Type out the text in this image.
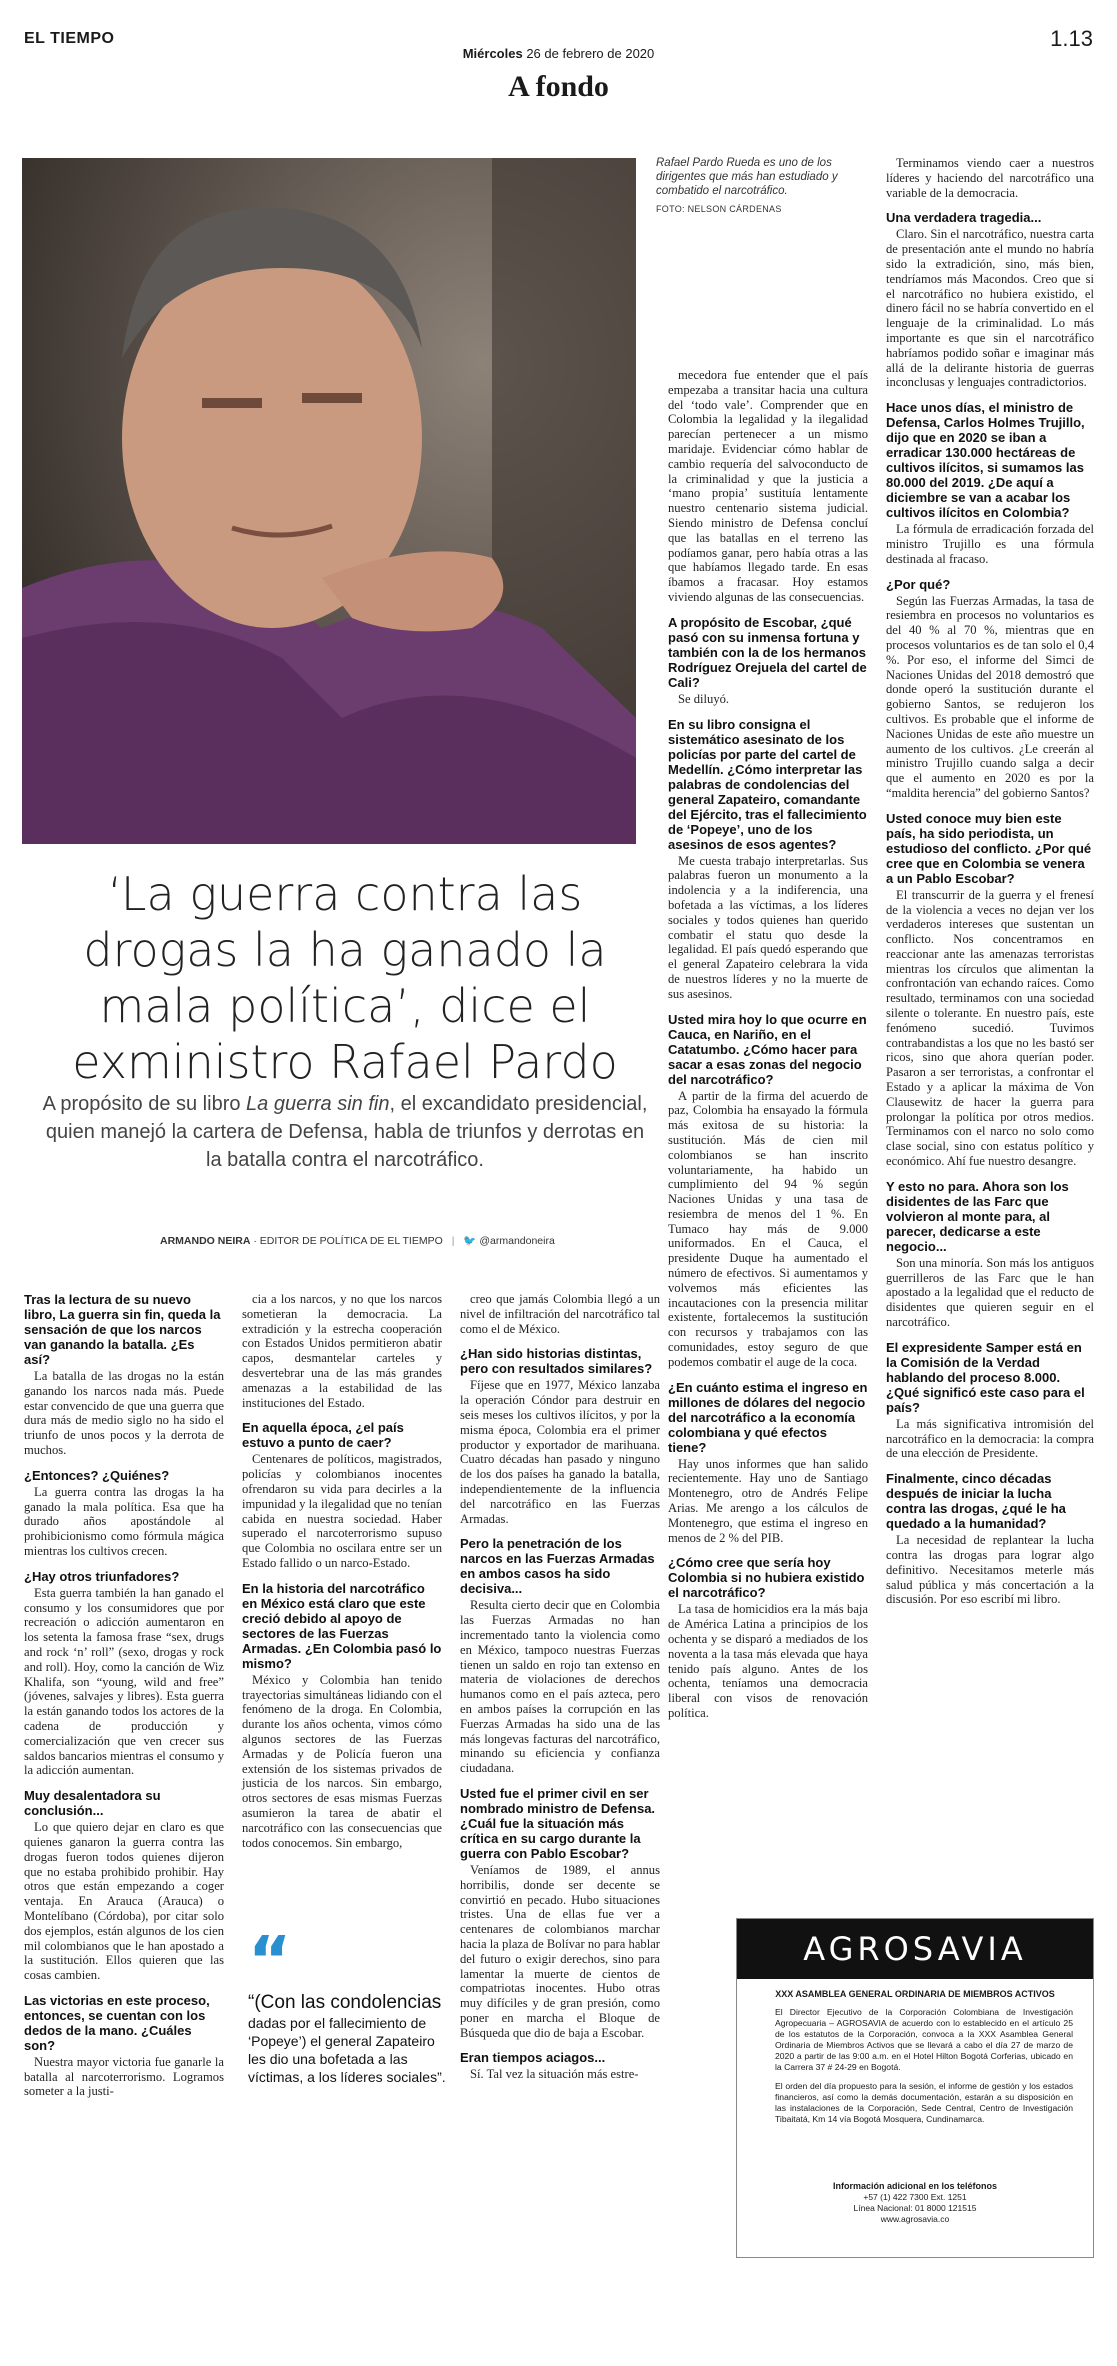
EL TIEMPO	1.13
Miércoles 26 de febrero de 2020
A fondo
Rafael Pardo Rueda es uno de los dirigentes que más han estudiado y combatido el narcotráfico.
FOTO: NELSON CÁRDENAS
‘La guerra contra las drogas la ha ganado la mala política’, dice el exministro Rafael Pardo
A propósito de su libro La guerra sin fin, el excandidato presidencial, quien manejó la cartera de Defensa, habla de triunfos y derrotas en la batalla contra el narcotráfico.
ARMANDO NEIRA · EDITOR DE POLÍTICA DE EL TIEMPO | 🐦 @armandoneira

Tras la lectura de su nuevo libro, La guerra sin fin, queda la sensación de que los narcos van ganando la batalla. ¿Es así?

La batalla de las drogas no la están ganando los narcos nada más. Puede estar convencido de que una guerra que dura más de medio siglo no ha sido el triunfo de unos pocos y la derrota de muchos.

¿Entonces? ¿Quiénes?

La guerra contra las drogas la ha ganado la mala política. Esa que ha durado años apostándole al prohibicionismo como fórmula mágica mientras los cultivos crecen.

¿Hay otros triunfadores?

Esta guerra también la han ganado el consumo y los consumidores que por recreación o adicción aumentaron en los setenta la famosa frase “sex, drugs and rock ‘n’ roll” (sexo, drogas y rock and roll). Hoy, como la canción de Wiz Khalifa, son “young, wild and free” (jóvenes, salvajes y libres). Esta guerra la están ganando todos los actores de la cadena de producción y comercialización que ven crecer sus saldos bancarios mientras el consumo y la adicción aumentan.

Muy desalentadora su conclusión...

Lo que quiero dejar en claro es que quienes ganaron la guerra contra las drogas fueron todos quienes dijeron que no estaba prohibido prohibir. Hay otros que están empezando a coger ventaja. En Arauca (Arauca) o Montelíbano (Córdoba), por citar solo dos ejemplos, están algunos de los cien mil colombianos que le han apostado a la sustitución. Ellos quieren que las cosas cambien.

Las victorias en este proceso, entonces, se cuentan con los dedos de la mano. ¿Cuáles son?

Nuestra mayor victoria fue ganarle la batalla al narcoterrorismo. Logramos someter a la justi-

cia a los narcos, y no que los narcos sometieran la democracia. La extradición y la estrecha cooperación con Estados Unidos permitieron abatir capos, desmantelar carteles y desvertebrar una de las más grandes amenazas a la estabilidad de las instituciones del Estado.

En aquella época, ¿el país estuvo a punto de caer?

Centenares de políticos, magistrados, policías y colombianos inocentes ofrendaron su vida para decirles a la impunidad y la ilegalidad que no tenían cabida en nuestra sociedad. Haber superado el narcoterrorismo supuso que Colombia no oscilara entre ser un Estado fallido o un narco-Estado.

En la historia del narcotráfico en México está claro que este creció debido al apoyo de sectores de las Fuerzas Armadas. ¿En Colombia pasó lo mismo?

México y Colombia han tenido trayectorias simultáneas lidiando con el fenómeno de la droga. En Colombia, durante los años ochenta, vimos cómo algunos sectores de las Fuerzas Armadas y de Policía fueron una extensión de los sistemas privados de justicia de los narcos. Sin embargo, otros sectores de esas mismas Fuerzas asumieron la tarea de abatir el narcotráfico con las consecuencias que todos conocemos. Sin embargo,

“
“(Con las condolencias
dadas por el fallecimiento de ‘Popeye’) el general Zapateiro les dio una bofetada a las víctimas, a los líderes sociales”.

creo que jamás Colombia llegó a un nivel de infiltración del narcotráfico tal como el de México.

¿Han sido historias distintas, pero con resultados similares?

Fíjese que en 1977, México lanzaba la operación Cóndor para destruir en seis meses los cultivos ilícitos, y por la misma época, Colombia era el primer productor y exportador de marihuana. Cuatro décadas han pasado y ninguno de los dos países ha ganado la batalla, independientemente de la influencia del narcotráfico en las Fuerzas Armadas.

Pero la penetración de los narcos en las Fuerzas Armadas en ambos casos ha sido decisiva...

Resulta cierto decir que en Colombia las Fuerzas Armadas no han incrementado tanto la violencia como en México, tampoco nuestras Fuerzas tienen un saldo en rojo tan extenso en materia de violaciones de derechos humanos como en el país azteca, pero en ambos países la corrupción en las Fuerzas Armadas ha sido una de las más longevas facturas del narcotráfico, minando su eficiencia y confianza ciudadana.

Usted fue el primer civil en ser nombrado ministro de Defensa. ¿Cuál fue la situación más crítica en su cargo durante la guerra con Pablo Escobar?

Veníamos de 1989, el annus horribilis, donde ser decente se convirtió en pecado. Hubo situaciones tristes. Una de ellas fue ver a centenares de colombianos marchar hacia la plaza de Bolívar no para hablar del futuro o exigir derechos, sino para lamentar la muerte de cientos de compatriotas inocentes. Hubo otras muy difíciles y de gran presión, como poner en marcha el Bloque de Búsqueda que dio de baja a Escobar.

Eran tiempos aciagos...

Sí. Tal vez la situación más estre-

mecedora fue entender que el país empezaba a transitar hacia una cultura del ‘todo vale’. Comprender que en Colombia la legalidad y la ilegalidad parecían pertenecer a un mismo maridaje. Evidenciar cómo hablar de cambio requería del salvoconducto de la criminalidad y que la justicia a ‘mano propia’ sustituía lentamente nuestro centenario sistema judicial. Siendo ministro de Defensa concluí que las batallas en el terreno las podíamos ganar, pero había otras a las que habíamos llegado tarde. En esas íbamos a fracasar. Hoy estamos viviendo algunas de las consecuencias.

A propósito de Escobar, ¿qué pasó con su inmensa fortuna y también con la de los hermanos Rodríguez Orejuela del cartel de Cali?

Se diluyó.

En su libro consigna el sistemático asesinato de los policías por parte del cartel de Medellín. ¿Cómo interpretar las palabras de condolencias del general Zapateiro, comandante del Ejército, tras el fallecimiento de ‘Popeye’, uno de los asesinos de esos agentes?

Me cuesta trabajo interpretarlas. Sus palabras fueron un monumento a la indolencia y a la indiferencia, una bofetada a las víctimas, a los líderes sociales y todos quienes han querido combatir el statu quo desde la legalidad. El país quedó esperando que el general Zapateiro celebrara la vida de nuestros líderes y no la muerte de sus asesinos.

Usted mira hoy lo que ocurre en Cauca, en Nariño, en el Catatumbo. ¿Cómo hacer para sacar a esas zonas del negocio del narcotráfico?

A partir de la firma del acuerdo de paz, Colombia ha ensayado la fórmula más exitosa de su historia: la sustitución. Más de cien mil colombianos se han inscrito voluntariamente, ha habido un cumplimiento del 94 % según Naciones Unidas y una tasa de resiembra de menos del 1 %. En Tumaco hay más de 9.000 uniformados. En el Cauca, el presidente Duque ha aumentado el número de efectivos. Si aumentamos y volvemos más eficientes las incautaciones con la presencia militar existente, fortalecemos la sustitución con recursos y trabajamos con las comunidades, estoy seguro de que podemos combatir el auge de la coca.

¿En cuánto estima el ingreso en millones de dólares del negocio del narcotráfico a la economía colombiana y qué efectos tiene?

Hay unos informes que han salido recientemente. Hay uno de Santiago Montenegro, otro de Andrés Felipe Arias. Me arengo a los cálculos de Montenegro, que estima el ingreso en menos de 2 % del PIB.

¿Cómo cree que sería hoy Colombia si no hubiera existido el narcotráfico?

La tasa de homicidios era la más baja de América Latina a principios de los ochenta y se disparó a mediados de los noventa a la tasa más elevada que haya tenido país alguno. Antes de los ochenta, teníamos una democracia liberal con visos de renovación política.

Terminamos viendo caer a nuestros líderes y haciendo del narcotráfico una variable de la democracia.

Una verdadera tragedia...

Claro. Sin el narcotráfico, nuestra carta de presentación ante el mundo no habría sido la extradición, sino, más bien, tendríamos más Macondos. Creo que si el narcotráfico no hubiera existido, el dinero fácil no se habría convertido en el lenguaje de la criminalidad. Lo más importante es que sin el narcotráfico habríamos podido soñar e imaginar más allá de la delirante historia de guerras inconclusas y lenguajes contradictorios.

Hace unos días, el ministro de Defensa, Carlos Holmes Trujillo, dijo que en 2020 se iban a erradicar 130.000 hectáreas de cultivos ilícitos, si sumamos las 80.000 del 2019. ¿De aquí a diciembre se van a acabar los cultivos ilícitos en Colombia?

La fórmula de erradicación forzada del ministro Trujillo es una fórmula destinada al fracaso.

¿Por qué?

Según las Fuerzas Armadas, la tasa de resiembra en procesos no voluntarios es del 40 % al 70 %, mientras que en procesos voluntarios es de tan solo el 0,4 %. Por eso, el informe del Simci de Naciones Unidas del 2018 demostró que donde operó la sustitución durante el gobierno Santos, se redujeron los cultivos. Es probable que el informe de Naciones Unidas de este año muestre un aumento de los cultivos. ¿Le creerán al ministro Trujillo cuando salga a decir que el aumento en 2020 es por la “maldita herencia” del gobierno Santos?

Usted conoce muy bien este país, ha sido periodista, un estudioso del conflicto. ¿Por qué cree que en Colombia se venera a un Pablo Escobar?

El transcurrir de la guerra y el frenesí de la violencia a veces no dejan ver los verdaderos intereses que sustentan un conflicto. Nos concentramos en reaccionar ante las amenazas terroristas mientras los círculos que alimentan la confrontación van echando raíces. Como resultado, terminamos con una sociedad silente o tolerante. En nuestro país, este fenómeno sucedió. Tuvimos contrabandistas a los que no les bastó ser ricos, sino que ahora querían poder. Pasaron a ser terroristas, a confrontar el Estado y a aplicar la máxima de Von Clausewitz de hacer la guerra para prolongar la política por otros medios. Terminamos con el narco no solo como clase social, sino con estatus político y económico. Ahí fue nuestro desangre.

Y esto no para. Ahora son los disidentes de las Farc que volvieron al monte para, al parecer, dedicarse a este negocio...

Son una minoría. Son más los antiguos guerrilleros de las Farc que le han apostado a la legalidad que el reducto de disidentes que quieren seguir en el narcotráfico.

El expresidente Samper está en la Comisión de la Verdad hablando del proceso 8.000. ¿Qué significó este caso para el país?

La más significativa intromisión del narcotráfico en la democracia: la compra de una elección de Presidente.

Finalmente, cinco décadas después de iniciar la lucha contra las drogas, ¿qué le ha quedado a la humanidad?

La necesidad de replantear la lucha contra las drogas para lograr algo definitivo. Necesitamos meterle más salud pública y más concertación a la discusión. Por eso escribí mi libro.

AGROSAVIA
XXX ASAMBLEA GENERAL ORDINARIA DE MIEMBROS ACTIVOS

El Director Ejecutivo de la Corporación Colombiana de Investigación Agropecuaria – AGROSAVIA de acuerdo con lo establecido en el artículo 25 de los estatutos de la Corporación, convoca a la XXX Asamblea General Ordinaria de Miembros Activos que se llevará a cabo el día 27 de marzo de 2020 a partir de las 9:00 a.m. en el Hotel Hilton Bogotá Corferias, ubicado en la Carrera 37 # 24-29 en Bogotá.

El orden del día propuesto para la sesión, el informe de gestión y los estados financieros, así como la demás documentación, estarán a su disposición en las instalaciones de la Corporación, Sede Central, Centro de Investigación Tibaitatá, Km 14 vía Bogotá Mosquera, Cundinamarca.

Información adicional en los teléfonos
+57 (1) 422 7300 Ext. 1251
Línea Nacional: 01 8000 121515
www.agrosavia.co
